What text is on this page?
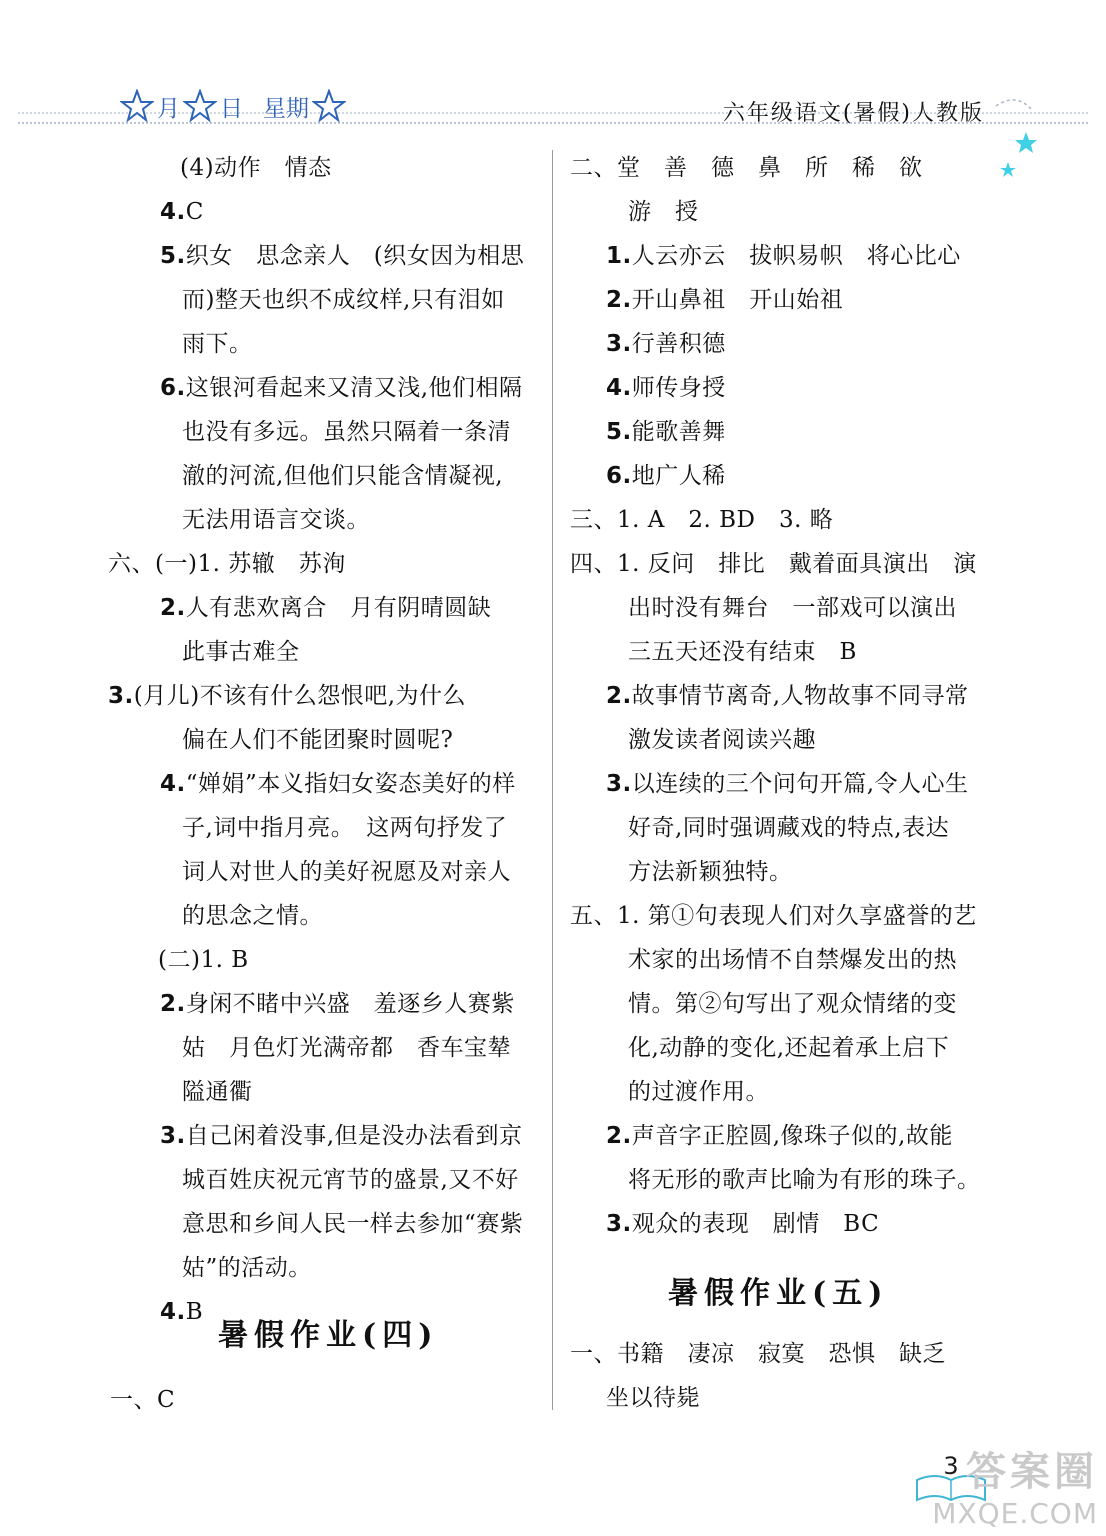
月 日 星期	六年级语文(暑假)人教版
(4)动作　情态
4.C
5.织女　思念亲人　(织女因为相思
而)整天也织不成纹样,只有泪如
雨下。
6.这银河看起来又清又浅,他们相隔
也没有多远。虽然只隔着一条清
澈的河流,但他们只能含情凝视,
无法用语言交谈。
六、(一)1. 苏辙　苏洵
2.人有悲欢离合　月有阴晴圆缺
此事古难全
3.(月儿)不该有什么怨恨吧,为什么
偏在人们不能团聚时圆呢?
4.“婵娟”本义指妇女姿态美好的样
子,词中指月亮。　这两句抒发了
词人对世人的美好祝愿及对亲人
的思念之情。
(二)1. B
2.身闲不睹中兴盛　羞逐乡人赛紫
姑　月色灯光满帝都　香车宝辇
隘通衢
3.自己闲着没事,但是没办法看到京
城百姓庆祝元宵节的盛景,又不好
意思和乡间人民一样去参加“赛紫
姑”的活动。
4.B
二、堂　善　德　鼻　所　稀　欲
游　授
1.人云亦云　拔帜易帜　将心比心
2.开山鼻祖　开山始祖
3.行善积德
4.师传身授
5.能歌善舞
6.地广人稀
三、1. A　2. BD　3. 略
四、1. 反问　排比　戴着面具演出　演
出时没有舞台　一部戏可以演出
三五天还没有结束　B
2.故事情节离奇,人物故事不同寻常
激发读者阅读兴趣
3.以连续的三个问句开篇,令人心生
好奇,同时强调藏戏的特点,表达
方法新颖独特。
五、1. 第①句表现人们对久享盛誉的艺
术家的出场情不自禁爆发出的热
情。第②句写出了观众情绪的变
化,动静的变化,还起着承上启下
的过渡作用。
2.声音字正腔圆,像珠子似的,故能
将无形的歌声比喻为有形的珠子。
3.观众的表现　剧情　BC
暑假作业(四)
一、C
暑假作业(五)
一、书籍　凄凉　寂寞　恐惧　缺乏
坐以待毙
3 答案圈
MXQE.COM
